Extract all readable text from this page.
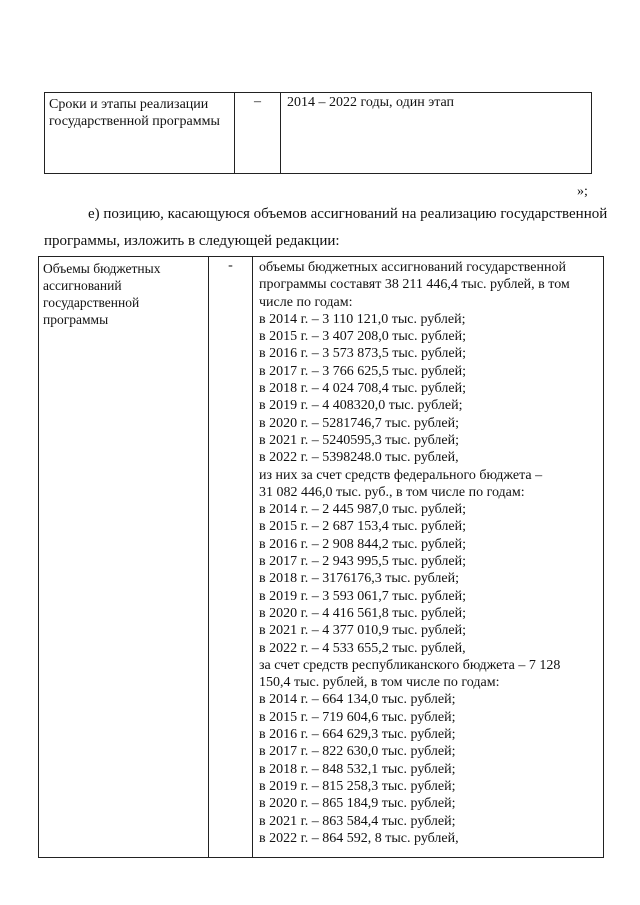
Сроки и этапы реализации государственной программы
–	2014 – 2022 годы, один этап
»;
е) позицию, касающуюся объемов ассигнований на реализацию государственной
программы, изложить в следующей редакции:
Объемы бюджетных ассигнований государственной программы
-	объемы бюджетных ассигнований государственной
программы составят 38 211 446,4 тыс. рублей, в том
числе по годам:
в 2014 г. – 3 110 121,0 тыс. рублей;
в 2015 г. – 3 407 208,0 тыс. рублей;
в 2016 г. – 3 573 873,5 тыс. рублей;
в 2017 г. – 3 766 625,5 тыс. рублей;
в 2018 г. – 4 024 708,4 тыс. рублей;
в 2019 г. – 4 408320,0 тыс. рублей;
в 2020 г. – 5281746,7 тыс. рублей;
в 2021 г. – 5240595,3 тыс. рублей;
в 2022 г. – 5398248.0 тыс. рублей,
из них за счет средств федерального бюджета –
31 082 446,0 тыс. руб., в том числе по годам:
в 2014 г. – 2 445 987,0 тыс. рублей;
в 2015 г. – 2 687 153,4 тыс. рублей;
в 2016 г. – 2 908 844,2 тыс. рублей;
в 2017 г. – 2 943 995,5 тыс. рублей;
в 2018 г. – 3176176,3 тыс. рублей;
в 2019 г. – 3 593 061,7 тыс. рублей;
в 2020 г. – 4 416 561,8 тыс. рублей;
в 2021 г. – 4 377 010,9 тыс. рублей;
в 2022 г. – 4 533 655,2 тыс. рублей,
за счет средств республиканского бюджета – 7 128
150,4 тыс. рублей, в том числе по годам:
в 2014 г. – 664 134,0 тыс. рублей;
в 2015 г. – 719 604,6 тыс. рублей;
в 2016 г. – 664 629,3 тыс. рублей;
в 2017 г. – 822 630,0 тыс. рублей;
в 2018 г. – 848 532,1 тыс. рублей;
в 2019 г. – 815 258,3 тыс. рублей;
в 2020 г. – 865 184,9 тыс. рублей;
в 2021 г. – 863 584,4 тыс. рублей;
в 2022 г. – 864 592, 8 тыс. рублей,
